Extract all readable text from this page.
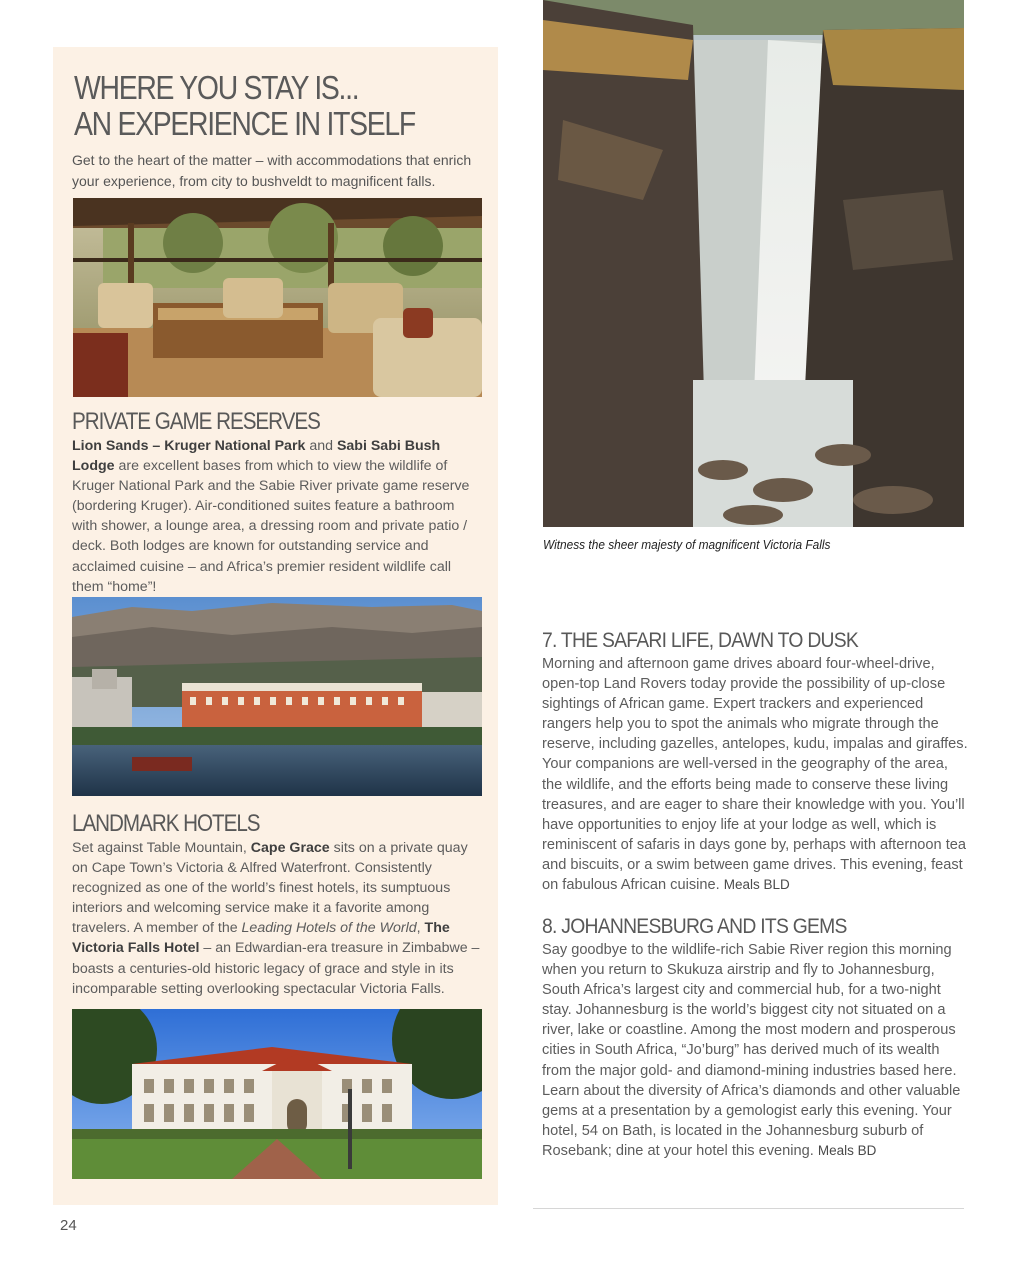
WHERE YOU STAY IS...
AN EXPERIENCE IN ITSELF

Get to the heart of the matter – with accommodations that enrich your experience, from city to bushveldt to magnificent falls.

PRIVATE GAME RESERVES

Lion Sands – Kruger National Park and Sabi Sabi Bush Lodge are excellent bases from which to view the wildlife of Kruger National Park and the Sabie River private game reserve (bordering Kruger). Air-conditioned suites feature a bathroom with shower, a lounge area, a dressing room and private patio / deck. Both lodges are known for outstanding service and acclaimed cuisine – and Africa’s premier resident wildlife call them “home”!

LANDMARK HOTELS

Set against Table Mountain, Cape Grace sits on a private quay on Cape Town’s Victoria & Alfred Waterfront. Consistently recognized as one of the world’s finest hotels, its sumptuous interiors and welcoming service make it a favorite among travelers. A member of the Leading Hotels of the World, The Victoria Falls Hotel – an Edwardian-era treasure in Zimbabwe – boasts a centuries-old historic legacy of grace and style in its incomparable setting overlooking spectacular Victoria Falls.

Witness the sheer majesty of magnificent Victoria Falls

7. THE SAFARI LIFE, DAWN TO DUSK

Morning and afternoon game drives aboard four-wheel-drive, open-top Land Rovers today provide the possibility of up-close sightings of African game. Expert trackers and experienced rangers help you to spot the animals who migrate through the reserve, including gazelles, antelopes, kudu, impalas and giraffes. Your companions are well-versed in the geography of the area, the wildlife, and the efforts being made to conserve these living treasures, and are eager to share their knowledge with you. You’ll have opportunities to enjoy life at your lodge as well, which is reminiscent of safaris in days gone by, perhaps with afternoon tea and biscuits, or a swim between game drives. This evening, feast on fabulous African cuisine. Meals BLD

8. JOHANNESBURG AND ITS GEMS

Say goodbye to the wildlife-rich Sabie River region this morning when you return to Skukuza airstrip and fly to Johannesburg, South Africa’s largest city and commercial hub, for a two-night stay. Johannesburg is the world’s biggest city not situated on a river, lake or coastline. Among the most modern and prosperous cities in South Africa, “Jo’burg” has derived much of its wealth from the major gold- and diamond-mining industries based here. Learn about the diversity of Africa’s diamonds and other valuable gems at a presentation by a gemologist early this evening. Your hotel, 54 on Bath, is located in the Johannesburg suburb of Rosebank; dine at your hotel this evening. Meals BD

24
